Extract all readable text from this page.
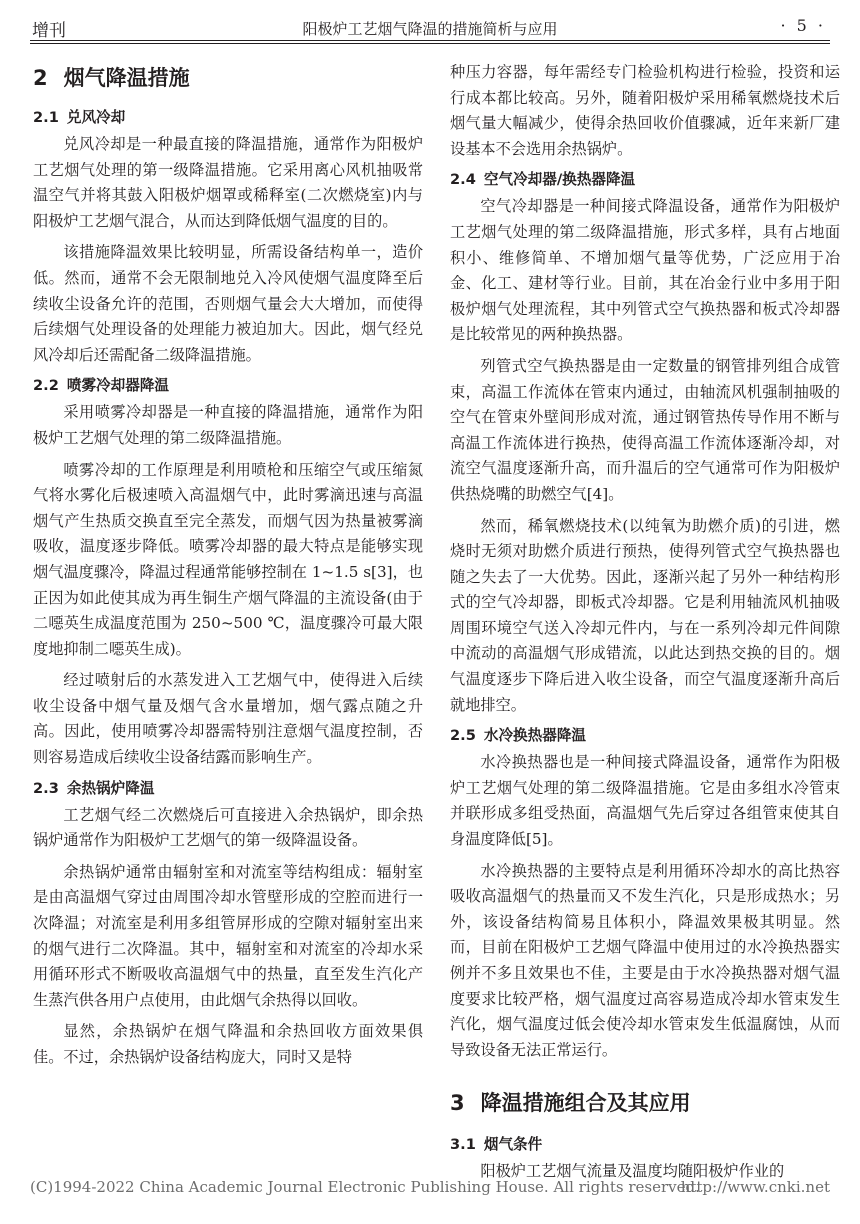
增刊	阳极炉工艺烟气降温的措施简析与应用	· 5 ·
2 烟气降温措施
2.1 兑风冷却

兑风冷却是一种最直接的降温措施，通常作为阳极炉工艺烟气处理的第一级降温措施。它采用离心风机抽吸常温空气并将其鼓入阳极炉烟罩或稀释室(二次燃烧室)内与阳极炉工艺烟气混合，从而达到降低烟气温度的目的。

该措施降温效果比较明显，所需设备结构单一，造价低。然而，通常不会无限制地兑入冷风使烟气温度降至后续收尘设备允许的范围，否则烟气量会大大增加，而使得后续烟气处理设备的处理能力被迫加大。因此，烟气经兑风冷却后还需配备二级降温措施。

2.2 喷雾冷却器降温

采用喷雾冷却器是一种直接的降温措施，通常作为阳极炉工艺烟气处理的第二级降温措施。

喷雾冷却的工作原理是利用喷枪和压缩空气或压缩氮气将水雾化后极速喷入高温烟气中，此时雾滴迅速与高温烟气产生热质交换直至完全蒸发，而烟气因为热量被雾滴吸收，温度逐步降低。喷雾冷却器的最大特点是能够实现烟气温度骤冷，降温过程通常能够控制在 1~1.5 s[3]，也正因为如此使其成为再生铜生产烟气降温的主流设备(由于二噁英生成温度范围为 250~500 ℃，温度骤冷可最大限度地抑制二噁英生成)。

经过喷射后的水蒸发进入工艺烟气中，使得进入后续收尘设备中烟气量及烟气含水量增加，烟气露点随之升高。因此，使用喷雾冷却器需特别注意烟气温度控制，否则容易造成后续收尘设备结露而影响生产。

2.3 余热锅炉降温

工艺烟气经二次燃烧后可直接进入余热锅炉，即余热锅炉通常作为阳极炉工艺烟气的第一级降温设备。

余热锅炉通常由辐射室和对流室等结构组成：辐射室是由高温烟气穿过由周围冷却水管壁形成的空腔而进行一次降温；对流室是利用多组管屏形成的空隙对辐射室出来的烟气进行二次降温。其中，辐射室和对流室的冷却水采用循环形式不断吸收高温烟气中的热量，直至发生汽化产生蒸汽供各用户点使用，由此烟气余热得以回收。

显然，余热锅炉在烟气降温和余热回收方面效果俱佳。不过，余热锅炉设备结构庞大，同时又是特

种压力容器，每年需经专门检验机构进行检验，投资和运行成本都比较高。另外，随着阳极炉采用稀氧燃烧技术后烟气量大幅减少，使得余热回收价值骤减，近年来新厂建设基本不会选用余热锅炉。

2.4 空气冷却器/换热器降温

空气冷却器是一种间接式降温设备，通常作为阳极炉工艺烟气处理的第二级降温措施，形式多样，具有占地面积小、维修简单、不增加烟气量等优势，广泛应用于冶金、化工、建材等行业。目前，其在冶金行业中多用于阳极炉烟气处理流程，其中列管式空气换热器和板式冷却器是比较常见的两种换热器。

列管式空气换热器是由一定数量的钢管排列组合成管束，高温工作流体在管束内通过，由轴流风机强制抽吸的空气在管束外壁间形成对流，通过钢管热传导作用不断与高温工作流体进行换热，使得高温工作流体逐渐冷却，对流空气温度逐渐升高，而升温后的空气通常可作为阳极炉供热烧嘴的助燃空气[4]。

然而，稀氧燃烧技术(以纯氧为助燃介质)的引进，燃烧时无须对助燃介质进行预热，使得列管式空气换热器也随之失去了一大优势。因此，逐渐兴起了另外一种结构形式的空气冷却器，即板式冷却器。它是利用轴流风机抽吸周围环境空气送入冷却元件内，与在一系列冷却元件间隙中流动的高温烟气形成错流，以此达到热交换的目的。烟气温度逐步下降后进入收尘设备，而空气温度逐渐升高后就地排空。

2.5 水冷换热器降温

水冷换热器也是一种间接式降温设备，通常作为阳极炉工艺烟气处理的第二级降温措施。它是由多组水冷管束并联形成多组受热面，高温烟气先后穿过各组管束使其自身温度降低[5]。

水冷换热器的主要特点是利用循环冷却水的高比热容吸收高温烟气的热量而又不发生汽化，只是形成热水；另外，该设备结构简易且体积小，降温效果极其明显。然而，目前在阳极炉工艺烟气降温中使用过的水冷换热器实例并不多且效果也不佳，主要是由于水冷换热器对烟气温度要求比较严格，烟气温度过高容易造成冷却水管束发生汽化，烟气温度过低会使冷却水管束发生低温腐蚀，从而导致设备无法正常运行。

3 降温措施组合及其应用
3.1 烟气条件

阳极炉工艺烟气流量及温度均随阳极炉作业的

(C)1994-2022 China Academic Journal Electronic Publishing House. All rights reserved.
http://www.cnki.net
